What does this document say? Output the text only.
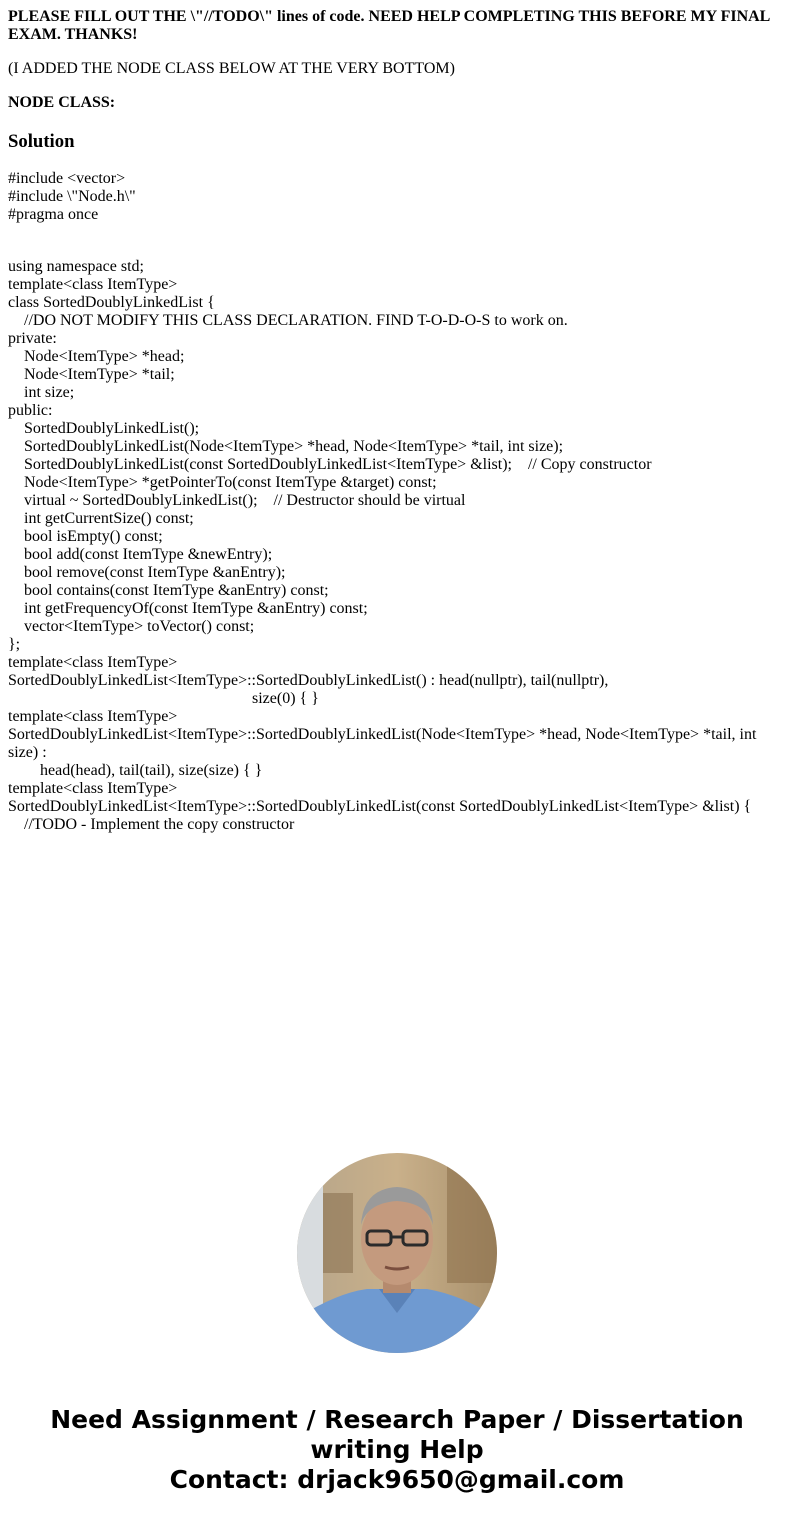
PLEASE FILL OUT THE \"//TODO\" lines of code. NEED HELP COMPLETING THIS BEFORE MY FINAL EXAM. THANKS!

(I ADDED THE NODE CLASS BELOW AT THE VERY BOTTOM)

NODE CLASS:

Solution

#include <vector>

#include \"Node.h\"

#pragma once

using namespace std;

template<class ItemType>

class SortedDoublyLinkedList {

//DO NOT MODIFY THIS CLASS DECLARATION. FIND T-O-D-O-S to work on.

private:

Node<ItemType> *head;

Node<ItemType> *tail;

int size;

public:

SortedDoublyLinkedList();

SortedDoublyLinkedList(Node<ItemType> *head, Node<ItemType> *tail, int size);

SortedDoublyLinkedList(const SortedDoublyLinkedList<ItemType> &list);    // Copy constructor

Node<ItemType> *getPointerTo(const ItemType &target) const;

virtual ~ SortedDoublyLinkedList();    // Destructor should be virtual

int getCurrentSize() const;

bool isEmpty() const;

bool add(const ItemType &newEntry);

bool remove(const ItemType &anEntry);

bool contains(const ItemType &anEntry) const;

int getFrequencyOf(const ItemType &anEntry) const;

vector<ItemType> toVector() const;

};

template<class ItemType>

SortedDoublyLinkedList<ItemType>::SortedDoublyLinkedList() : head(nullptr), tail(nullptr),

size(0) { }

template<class ItemType>

SortedDoublyLinkedList<ItemType>::SortedDoublyLinkedList(Node<ItemType> *head, Node<ItemType> *tail, int size) :

head(head), tail(tail), size(size) { }

template<class ItemType>

SortedDoublyLinkedList<ItemType>::SortedDoublyLinkedList(const SortedDoublyLinkedList<ItemType> &list) {

//TODO - Implement the copy constructor

Need Assignment / Research Paper / Dissertation
writing Help
Contact: drjack9650@gmail.com
